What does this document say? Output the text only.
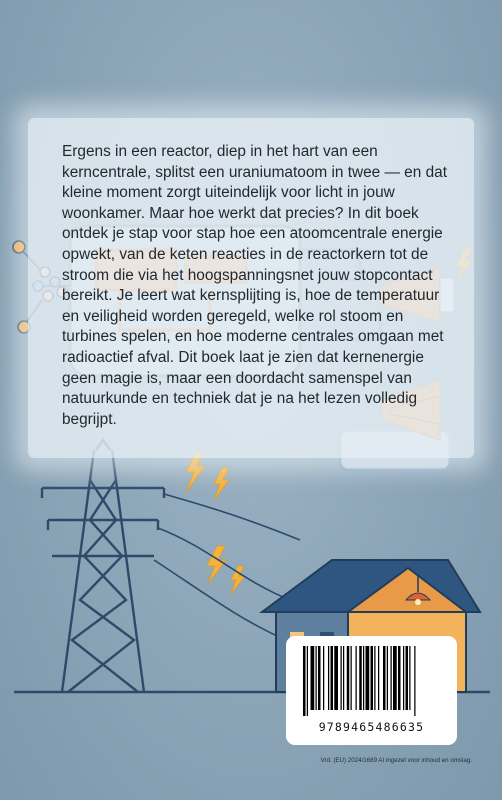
Ergens in een reactor, diep in het hart van een kerncentrale, splitst een uraniumatoom in twee — en dat kleine moment zorgt uiteindelijk voor licht in jouw woonkamer. Maar hoe werkt dat precies? In dit boek ontdek je stap voor stap hoe een atoomcentrale energie opwekt, van de keten reacties in de reactorkern tot de stroom die via het hoogspanningsnet jouw stopcontact bereikt. Je leert wat kernsplijting is, hoe de temperatuur en veiligheid worden geregeld, welke rol stoom en turbines spelen, en hoe moderne centrales omgaan met radioactief afval. Dit boek laat je zien dat kernenergie geen magie is, maar een doordacht samenspel van natuurkunde en techniek dat je na het lezen volledig begrijpt.

9789465486635
Vrd. (EU) 2024/1689 AI ingezet voor inhoud en omslag.
